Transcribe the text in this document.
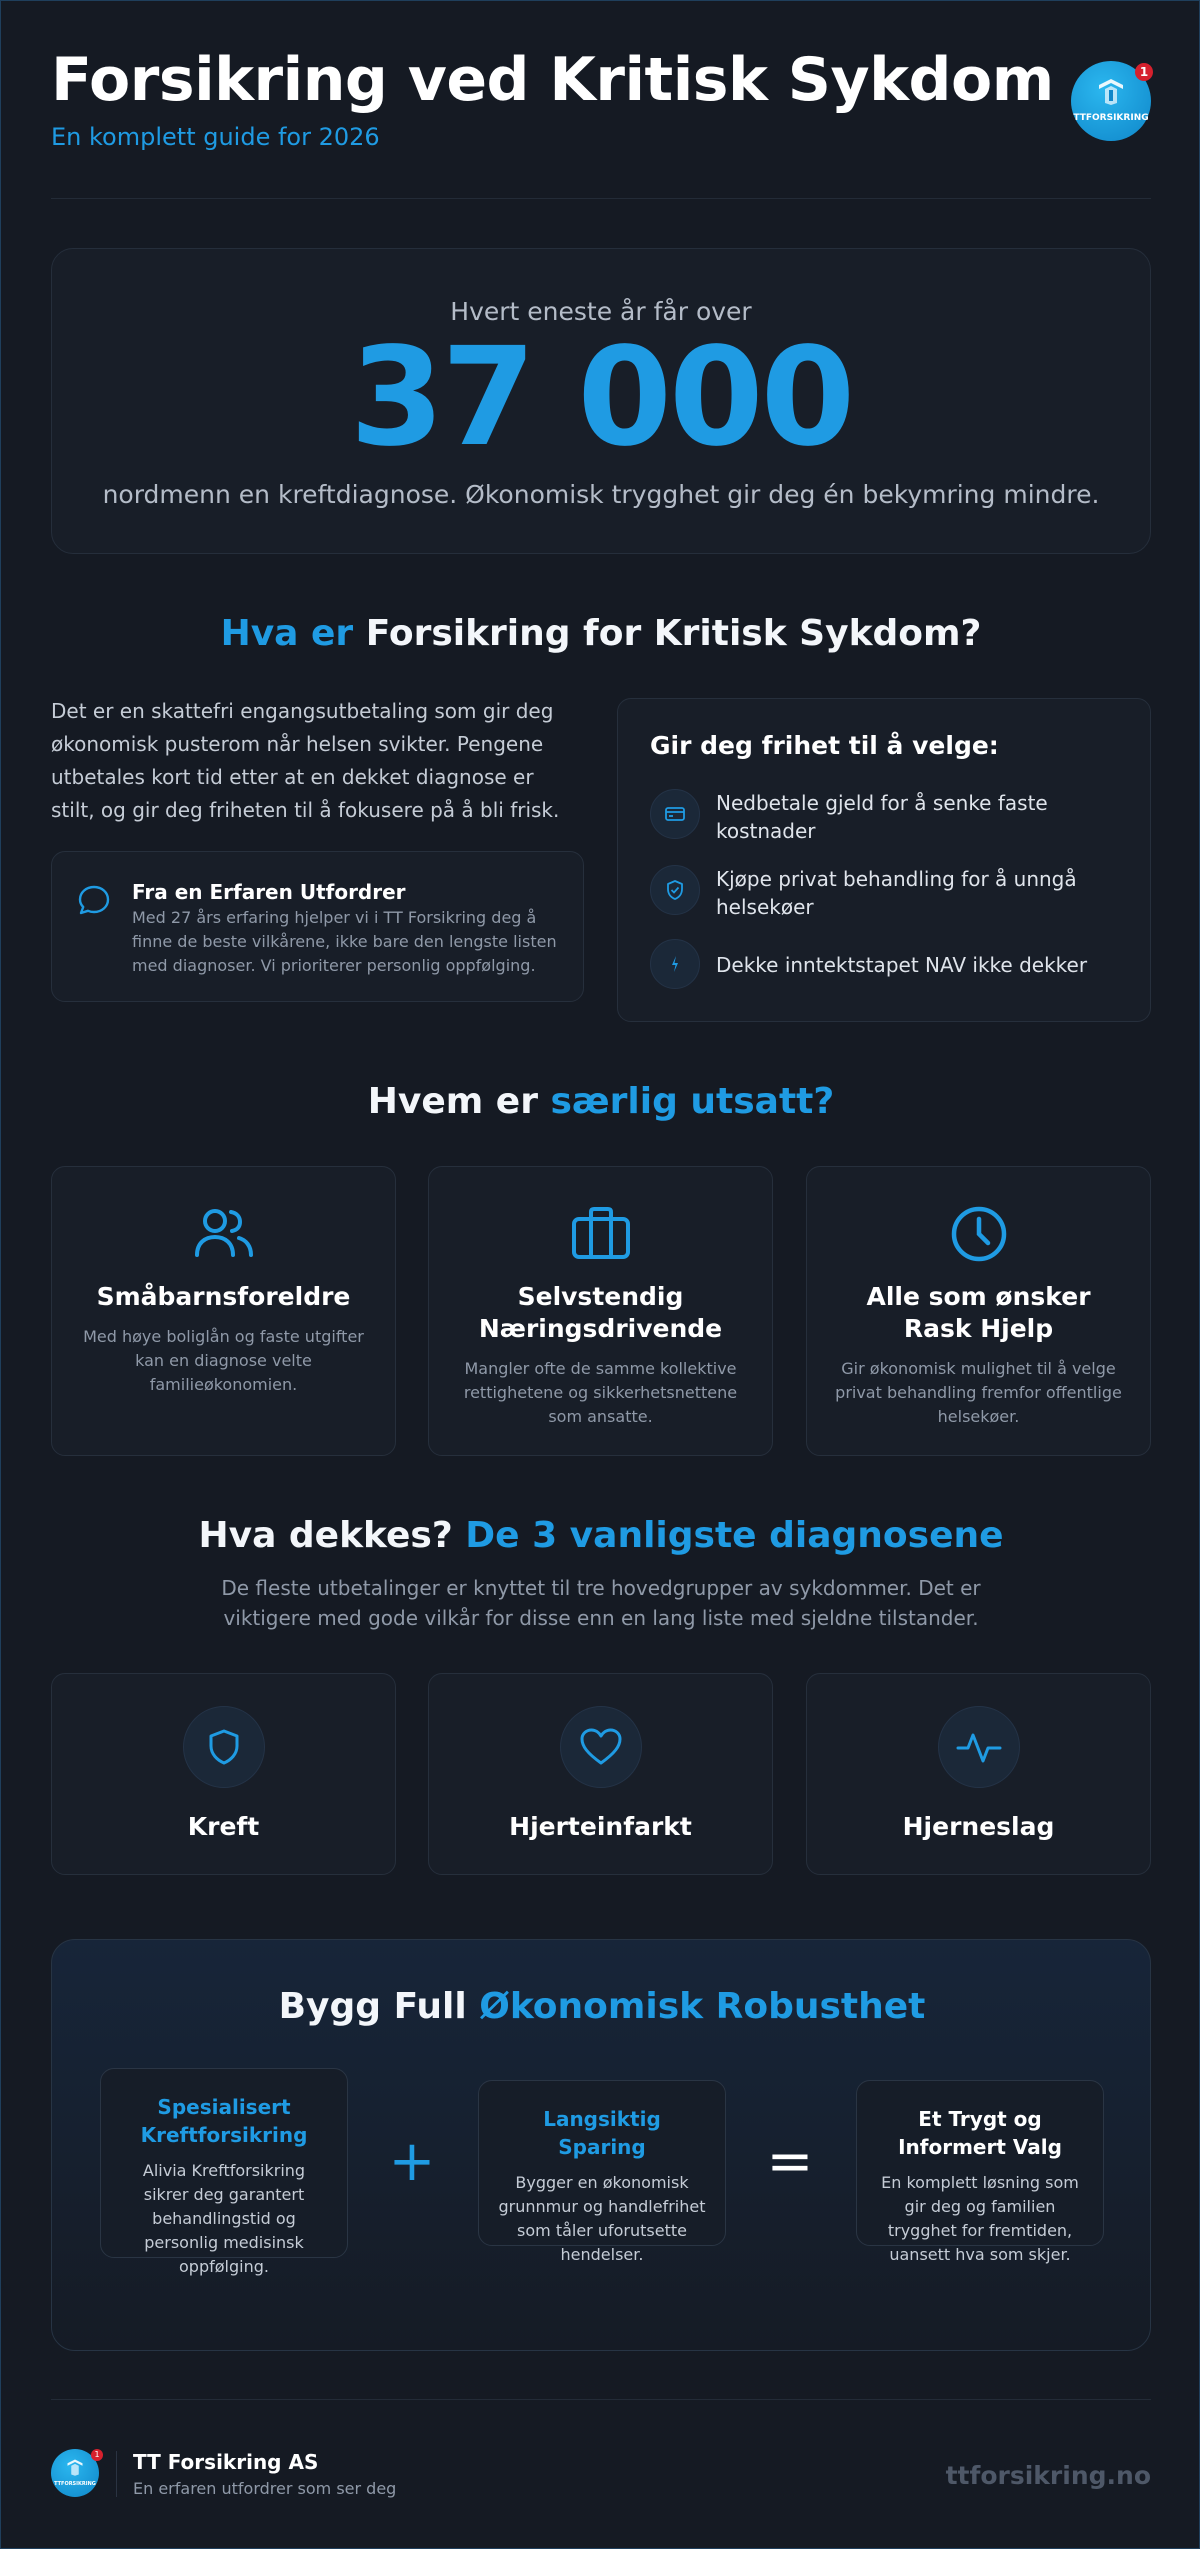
Forsikring ved Kritisk Sykdom
En komplett guide for 2026
TTFORSIKRING
1
Hvert eneste år får over
37 000
nordmenn en kreftdiagnose. Økonomisk trygghet gir deg én bekymring mindre.
Hva er Forsikring for Kritisk Sykdom?
Det er en skattefri engangsutbetaling som gir deg økonomisk pusterom når helsen svikter. Pengene utbetales kort tid etter at en dekket diagnose er stilt, og gir deg friheten til å fokusere på å bli frisk.
Fra en Erfaren Utfordrer
Med 27 års erfaring hjelper vi i TT Forsikring deg å finne de beste vilkårene, ikke bare den lengste listen med diagnoser. Vi prioriterer personlig oppfølging.
Gir deg frihet til å velge:
Nedbetale gjeld for å senke faste kostnader
Kjøpe privat behandling for å unngå helsekøer
Dekke inntektstapet NAV ikke dekker
Hvem er særlig utsatt?
Småbarnsforeldre
Med høye boliglån og faste utgifter kan en diagnose velte familieøkonomien.
Selvstendig Næringsdrivende
Mangler ofte de samme kollektive rettighetene og sikkerhetsnettene som ansatte.
Alle som ønsker Rask Hjelp
Gir økonomisk mulighet til å velge privat behandling fremfor offentlige helsekøer.
Hva dekkes? De 3 vanligste diagnosene
De fleste utbetalinger er knyttet til tre hovedgrupper av sykdommer. Det er viktigere med gode vilkår for disse enn en lang liste med sjeldne tilstander.
Kreft	Hjerteinfarkt	Hjerneslag
Bygg Full Økonomisk Robusthet
Spesialisert Kreftforsikring
Alivia Kreftforsikring sikrer deg garantert behandlingstid og personlig medisinsk oppfølging.
+
Langsiktig Sparing
Bygger en økonomisk grunnmur og handlefrihet som tåler uforutsette hendelser.
=
Et Trygt og Informert Valg
En komplett løsning som gir deg og familien trygghet for fremtiden, uansett hva som skjer.
TTFORSIKRING
1 TT Forsikring AS
En erfaren utfordrer som ser deg	ttforsikring.no
